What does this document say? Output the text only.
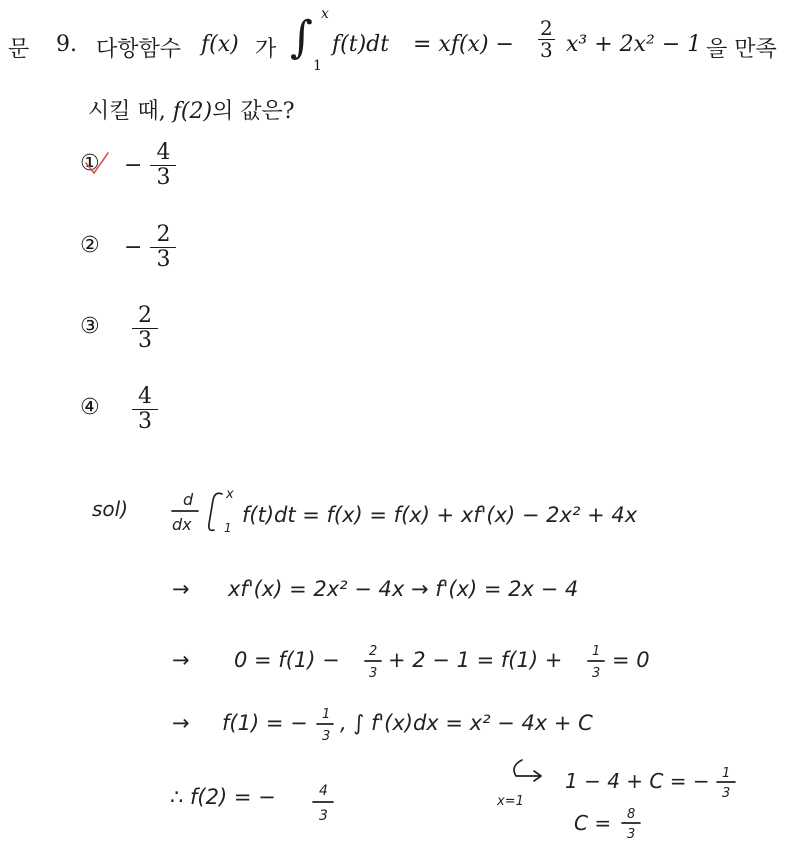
문 9. 다항함수 f(x) 가 ∫ x
1
$f(t)dt = xf(x) - \frac{2}{3} x^3 + 2x^2 - 1$ 을 만족
시킬 때, f(2)의 값은?
① − $\frac{4}{3}$
② − $\frac{2}{3}$
③ $\frac{2}{3}$
④ $\frac{4}{3}$
sol)	d
dx
x
1
f(t)dt = f(x) = f(x) + xf'(x) − 2x² + 4x
→ xf'(x) = 2x² − 4x → f'(x) = 2x − 4
→ 0 = f(1) − 2
3
+ 2 − 1 = f(1) + 1
3
= 0
→ f(1) = − 1
3
, ∫ f'(x)dx = x² − 4x + C
∴ f(2) = −	4
3
x=1
1 − 4 + C = − 1
3
C = 8
3
